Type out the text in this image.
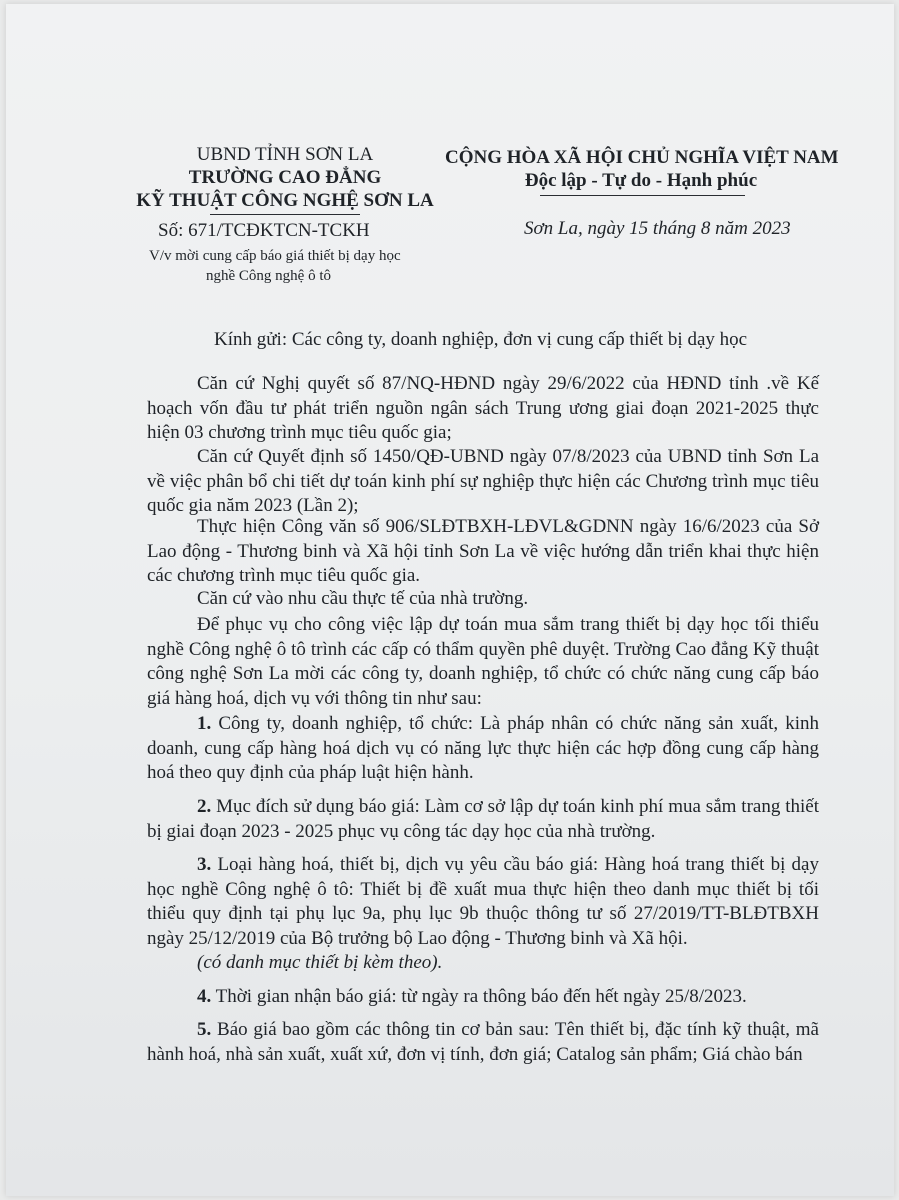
UBND TỈNH SƠN LA
TRƯỜNG CAO ĐẲNG
KỸ THUẬT CÔNG NGHỆ SƠN LA
Số: 671/TCĐKTCN-TCKH
V/v mời cung cấp báo giá thiết bị dạy học
nghề Công nghệ ô tô
CỘNG HÒA XÃ HỘI CHỦ NGHĨA VIỆT NAM
Độc lập - Tự do - Hạnh phúc
Sơn La, ngày 15 tháng 8 năm 2023
Kính gửi: Các công ty, doanh nghiệp, đơn vị cung cấp thiết bị dạy học
Căn cứ Nghị quyết số 87/NQ-HĐND ngày 29/6/2022 của HĐND tỉnh .về Kế hoạch vốn đầu tư phát triển nguồn ngân sách Trung ương giai đoạn 2021-2025 thực hiện 03 chương trình mục tiêu quốc gia;
Căn cứ Quyết định số 1450/QĐ-UBND ngày 07/8/2023 của UBND tỉnh Sơn La về việc phân bổ chi tiết dự toán kinh phí sự nghiệp thực hiện các Chương trình mục tiêu quốc gia năm 2023 (Lần 2);
Thực hiện Công văn số 906/SLĐTBXH-LĐVL&GDNN ngày 16/6/2023 của Sở Lao động - Thương binh và Xã hội tỉnh Sơn La về việc hướng dẫn triển khai thực hiện các chương trình mục tiêu quốc gia.
Căn cứ vào nhu cầu thực tế của nhà trường.
Để phục vụ cho công việc lập dự toán mua sắm trang thiết bị dạy học tối thiểu nghề Công nghệ ô tô trình các cấp có thẩm quyền phê duyệt. Trường Cao đẳng Kỹ thuật công nghệ Sơn La mời các công ty, doanh nghiệp, tổ chức có chức năng cung cấp báo giá hàng hoá, dịch vụ với thông tin như sau:
1. Công ty, doanh nghiệp, tổ chức: Là pháp nhân có chức năng sản xuất, kinh doanh, cung cấp hàng hoá dịch vụ có năng lực thực hiện các hợp đồng cung cấp hàng hoá theo quy định của pháp luật hiện hành.
2. Mục đích sử dụng báo giá: Làm cơ sở lập dự toán kinh phí mua sắm trang thiết bị giai đoạn 2023 - 2025 phục vụ công tác dạy học của nhà trường.
3. Loại hàng hoá, thiết bị, dịch vụ yêu cầu báo giá: Hàng hoá trang thiết bị dạy học nghề Công nghệ ô tô: Thiết bị đề xuất mua thực hiện theo danh mục thiết bị tối thiểu quy định tại phụ lục 9a, phụ lục 9b thuộc thông tư số 27/2019/TT-BLĐTBXH ngày 25/12/2019 của Bộ trưởng bộ Lao động - Thương binh và Xã hội.
(có danh mục thiết bị kèm theo).
4. Thời gian nhận báo giá: từ ngày ra thông báo đến hết ngày 25/8/2023.
5. Báo giá bao gồm các thông tin cơ bản sau: Tên thiết bị, đặc tính kỹ thuật, mã hành hoá, nhà sản xuất, xuất xứ, đơn vị tính, đơn giá; Catalog sản phẩm; Giá chào bán
